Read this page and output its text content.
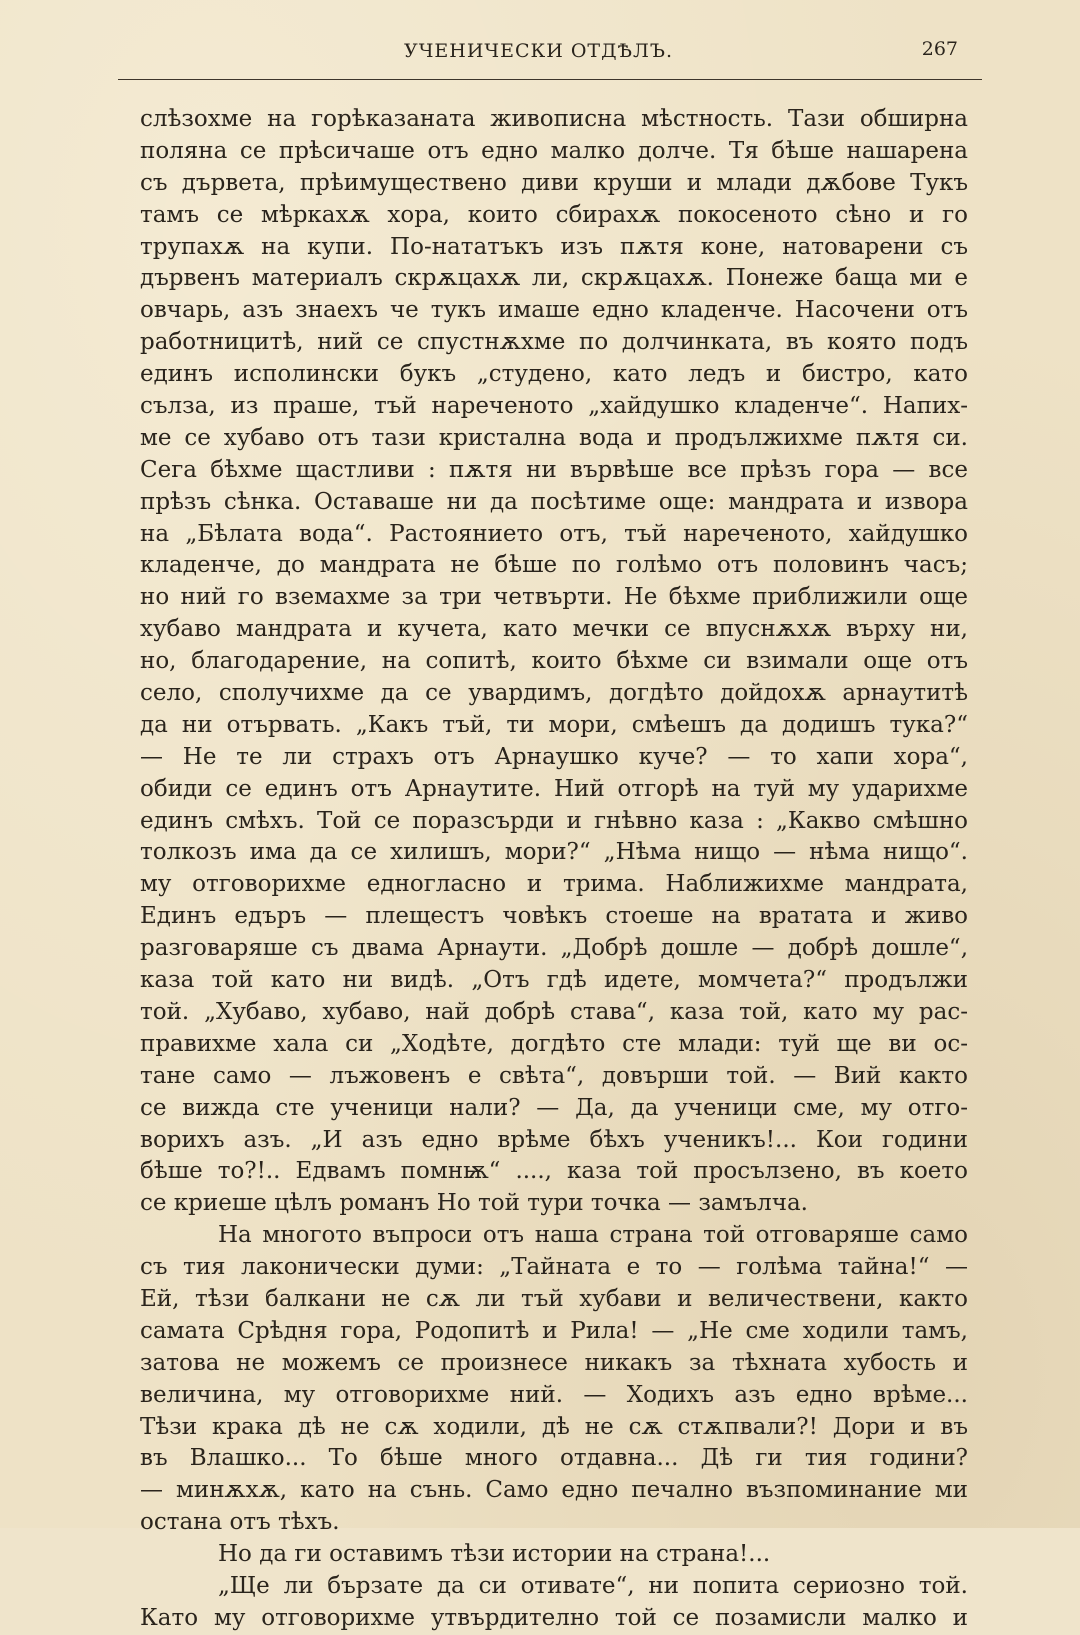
УЧЕНИЧЕСКИ ОТДѢЛЪ.	267
слѣзохме на горѣказаната живописна мѣстность. Тази обширна
поляна се прѣсичаше отъ едно малко долче. Тя бѣше нашарена
съ дървета, прѣимущественo диви круши и млади дѫбове Тукъ
тамъ се мѣркахѫ хора, които сбирахѫ покосеното сѣно и го
трупахѫ на купи. По-нататъкъ изъ пѫтя коне, натоварени съ
дървенъ материалъ скрѫцахѫ ли, скрѫцахѫ. Понеже баща ми е
овчарь, азъ знаехъ че тукъ имаше едно кладенче. Насочени отъ
работницитѣ, ний се спустнѫхме по долчинката, въ която подъ
единъ исполински букъ „студено, като ледъ и бистро, като
сълза, из праше, тъй нареченото „хайдушко кладенче“. Напих-
ме се хубаво отъ тази кристална вода и продължихме пѫтя си.
Сега бѣхме щастливи : пѫтя ни вървѣше все прѣзъ гора — все
прѣзъ сѣнка. Оставаше ни да посѣтиме още: мандрата и извора
на „Бѣлата вода“. Растоянието отъ, тъй нареченото, хайдушко
кладенче, до мандрата не бѣше по голѣмо отъ половинъ часъ;
но ний го вземахме за три четвърти. Не бѣхме приближили още
хубаво мандрата и кучета, като мечки се впуснѫхѫ върху ни,
но, благодарение, на сопитѣ, които бѣхме си взимали още отъ
село, сполучихме да се увардимъ, догдѣто дойдохѫ арнаутитѣ
да ни отървать. „Какъ тъй, ти мори, смѣешъ да додишъ тука?“
— Не те ли страхъ отъ Арнаушко куче? — то хапи хора“,
обиди се единъ отъ Арнаутите. Ний отгорѣ на туй му ударихме
единъ смѣхъ. Той се поразсърди и гнѣвно каза : „Какво смѣшно
толкозъ има да се хилишъ, мори?“ „Нѣма нищо — нѣма нищо“.
му отговорихме едногласно и трима. Наближихме мандрата,
Единъ едъръ — плещестъ човѣкъ стоеше на вратата и живо
разговаряше съ двама Арнаути. „Добрѣ дошле — добрѣ дошле“,
каза той като ни видѣ. „Отъ гдѣ идете, момчета?“ продължи
той. „Хубаво, хубаво, най добрѣ става“, каза той, като му рас-
правихме хала си „Ходѣте, догдѣто сте млади: туй ще ви ос-
тане само — лъжовенъ е свѣта“, довърши той. — Вий както
се вижда сте ученици нали? — Да, да ученици сме, му отго-
ворихъ азъ. „И азъ едно врѣме бѣхъ ученикъ!... Кои години
бѣше то?!.. Едвамъ помнѭ“ ...., каза той просълзено, въ което
се криеше цѣлъ романъ Но той тури точка — замълча.
На многото въпроси отъ наша страна той отговаряше само
съ тия лаконически думи: „Тайната е то — голѣма тайна!“ —
Ей, тѣзи балкани не сѫ ли тъй хубави и величествени, както
самата Срѣдня гора, Родопитѣ и Рила! — „Не сме ходили тамъ,
затова не можемъ се произнесе никакъ за тѣхната хубость и
величина, му отговорихме ний. — Ходихъ азъ едно врѣме...
Тѣзи крака дѣ не сѫ ходили, дѣ не сѫ стѫпвали?! Дори и въ
въ Влашко... То бѣше много отдавна... Дѣ ги тия години?
— минѫхѫ, като на сънь. Само едно печално възпоминание ми
остана отъ тѣхъ.
Но да ги оставимъ тѣзи истории на страна!...
„Ще ли бързате да си отивате“, ни попита сериозно той.
Като му отговорихме утвърдително той се позамисли малко и
